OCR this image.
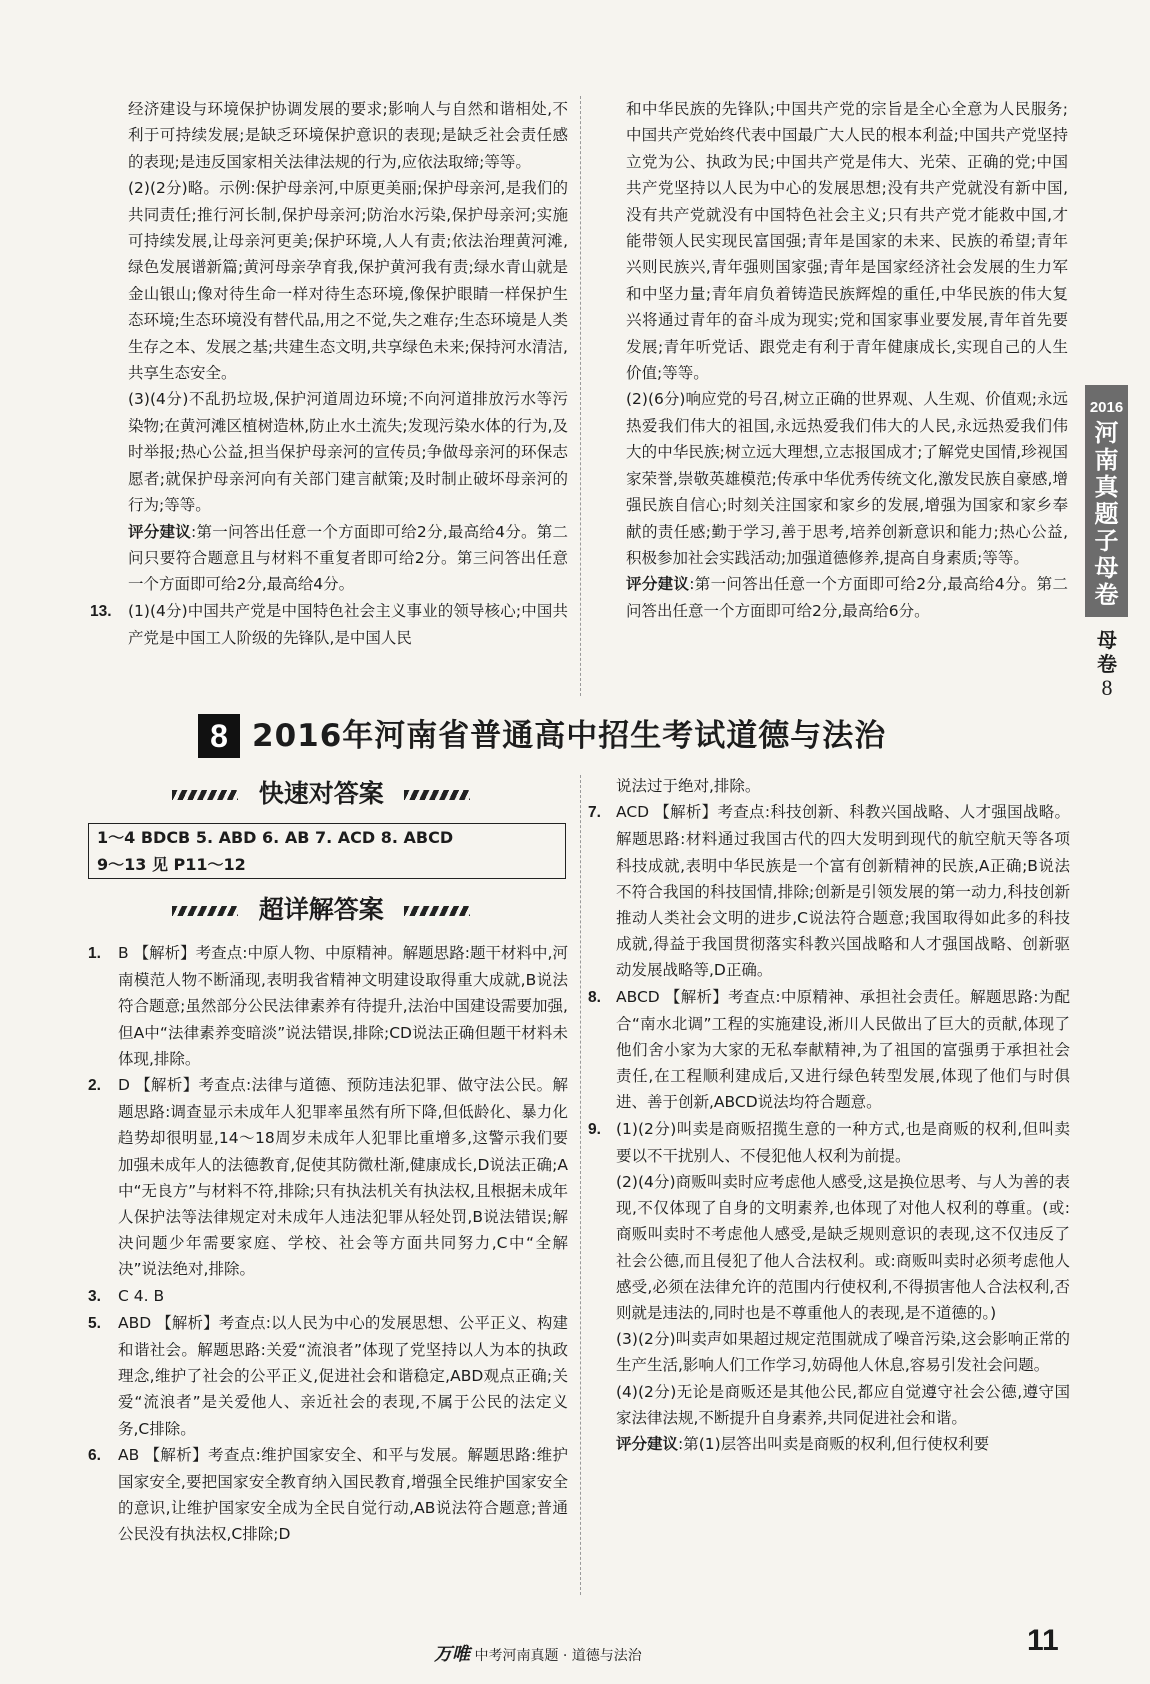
经济建设与环境保护协调发展的要求;影响人与自然和谐相处,不利于可持续发展;是缺乏环境保护意识的表现;是缺乏社会责任感的表现;是违反国家相关法律法规的行为,应依法取缔;等等。

(2)(2分)略。示例:保护母亲河,中原更美丽;保护母亲河,是我们的共同责任;推行河长制,保护母亲河;防治水污染,保护母亲河;实施可持续发展,让母亲河更美;保护环境,人人有责;依法治理黄河滩,绿色发展谱新篇;黄河母亲孕育我,保护黄河我有责;绿水青山就是金山银山;像对待生命一样对待生态环境,像保护眼睛一样保护生态环境;生态环境没有替代品,用之不觉,失之难存;生态环境是人类生存之本、发展之基;共建生态文明,共享绿色未来;保持河水清洁,共享生态安全。

(3)(4分)不乱扔垃圾,保护河道周边环境;不向河道排放污水等污染物;在黄河滩区植树造林,防止水土流失;发现污染水体的行为,及时举报;热心公益,担当保护母亲河的宣传员;争做母亲河的环保志愿者;就保护母亲河向有关部门建言献策;及时制止破坏母亲河的行为;等等。

评分建议:第一问答出任意一个方面即可给2分,最高给4分。第二问只要符合题意且与材料不重复者即可给2分。第三问答出任意一个方面即可给2分,最高给4分。

13. (1)(4分)中国共产党是中国特色社会主义事业的领导核心;中国共产党是中国工人阶级的先锋队,是中国人民

和中华民族的先锋队;中国共产党的宗旨是全心全意为人民服务;中国共产党始终代表中国最广大人民的根本利益;中国共产党坚持立党为公、执政为民;中国共产党是伟大、光荣、正确的党;中国共产党坚持以人民为中心的发展思想;没有共产党就没有新中国,没有共产党就没有中国特色社会主义;只有共产党才能救中国,才能带领人民实现民富国强;青年是国家的未来、民族的希望;青年兴则民族兴,青年强则国家强;青年是国家经济社会发展的生力军和中坚力量;青年肩负着铸造民族辉煌的重任,中华民族的伟大复兴将通过青年的奋斗成为现实;党和国家事业要发展,青年首先要发展;青年听党话、跟党走有利于青年健康成长,实现自己的人生价值;等等。

(2)(6分)响应党的号召,树立正确的世界观、人生观、价值观;永远热爱我们伟大的祖国,永远热爱我们伟大的人民,永远热爱我们伟大的中华民族;树立远大理想,立志报国成才;了解党史国情,珍视国家荣誉,崇敬英雄模范;传承中华优秀传统文化,激发民族自豪感,增强民族自信心;时刻关注国家和家乡的发展,增强为国家和家乡奉献的责任感;勤于学习,善于思考,培养创新意识和能力;热心公益,积极参加社会实践活动;加强道德修养,提高自身素质;等等。

评分建议:第一问答出任意一个方面即可给2分,最高给4分。第二问答出任意一个方面即可给2分,最高给6分。

2016
河南真题子母卷
母卷
8
8 2016年河南省普通高中招生考试道德与法治
快速对答案
1～4 BDCB 5. ABD 6. AB 7. ACD 8. ABCD
9～13 见 P11～12
超详解答案

1. B 【解析】考查点:中原人物、中原精神。解题思路:题干材料中,河南模范人物不断涌现,表明我省精神文明建设取得重大成就,B说法符合题意;虽然部分公民法律素养有待提升,法治中国建设需要加强,但A中“法律素养变暗淡”说法错误,排除;CD说法正确但题干材料未体现,排除。

2. D 【解析】考查点:法律与道德、预防违法犯罪、做守法公民。解题思路:调查显示未成年人犯罪率虽然有所下降,但低龄化、暴力化趋势却很明显,14～18周岁未成年人犯罪比重增多,这警示我们要加强未成年人的法德教育,促使其防微杜渐,健康成长,D说法正确;A中“无良方”与材料不符,排除;只有执法机关有执法权,且根据未成年人保护法等法律规定对未成年人违法犯罪从轻处罚,B说法错误;解决问题少年需要家庭、学校、社会等方面共同努力,C中“全解决”说法绝对,排除。

3. C 4. B

5. ABD 【解析】考查点:以人民为中心的发展思想、公平正义、构建和谐社会。解题思路:关爱“流浪者”体现了党坚持以人为本的执政理念,维护了社会的公平正义,促进社会和谐稳定,ABD观点正确;关爱“流浪者”是关爱他人、亲近社会的表现,不属于公民的法定义务,C排除。

6. AB 【解析】考查点:维护国家安全、和平与发展。解题思路:维护国家安全,要把国家安全教育纳入国民教育,增强全民维护国家安全的意识,让维护国家安全成为全民自觉行动,AB说法符合题意;普通公民没有执法权,C排除;D

说法过于绝对,排除。

7. ACD 【解析】考查点:科技创新、科教兴国战略、人才强国战略。解题思路:材料通过我国古代的四大发明到现代的航空航天等各项科技成就,表明中华民族是一个富有创新精神的民族,A正确;B说法不符合我国的科技国情,排除;创新是引领发展的第一动力,科技创新推动人类社会文明的进步,C说法符合题意;我国取得如此多的科技成就,得益于我国贯彻落实科教兴国战略和人才强国战略、创新驱动发展战略等,D正确。

8. ABCD 【解析】考查点:中原精神、承担社会责任。解题思路:为配合“南水北调”工程的实施建设,淅川人民做出了巨大的贡献,体现了他们舍小家为大家的无私奉献精神,为了祖国的富强勇于承担社会责任,在工程顺利建成后,又进行绿色转型发展,体现了他们与时俱进、善于创新,ABCD说法均符合题意。

9. (1)(2分)叫卖是商贩招揽生意的一种方式,也是商贩的权利,但叫卖要以不干扰别人、不侵犯他人权利为前提。

(2)(4分)商贩叫卖时应考虑他人感受,这是换位思考、与人为善的表现,不仅体现了自身的文明素养,也体现了对他人权利的尊重。(或:商贩叫卖时不考虑他人感受,是缺乏规则意识的表现,这不仅违反了社会公德,而且侵犯了他人合法权利。或:商贩叫卖时必须考虑他人感受,必须在法律允许的范围内行使权利,不得损害他人合法权利,否则就是违法的,同时也是不尊重他人的表现,是不道德的。)

(3)(2分)叫卖声如果超过规定范围就成了噪音污染,这会影响正常的生产生活,影响人们工作学习,妨碍他人休息,容易引发社会问题。

(4)(2分)无论是商贩还是其他公民,都应自觉遵守社会公德,遵守国家法律法规,不断提升自身素养,共同促进社会和谐。

评分建议:第(1)层答出叫卖是商贩的权利,但行使权利要

万唯 中考河南真题 · 道德与法治	11
